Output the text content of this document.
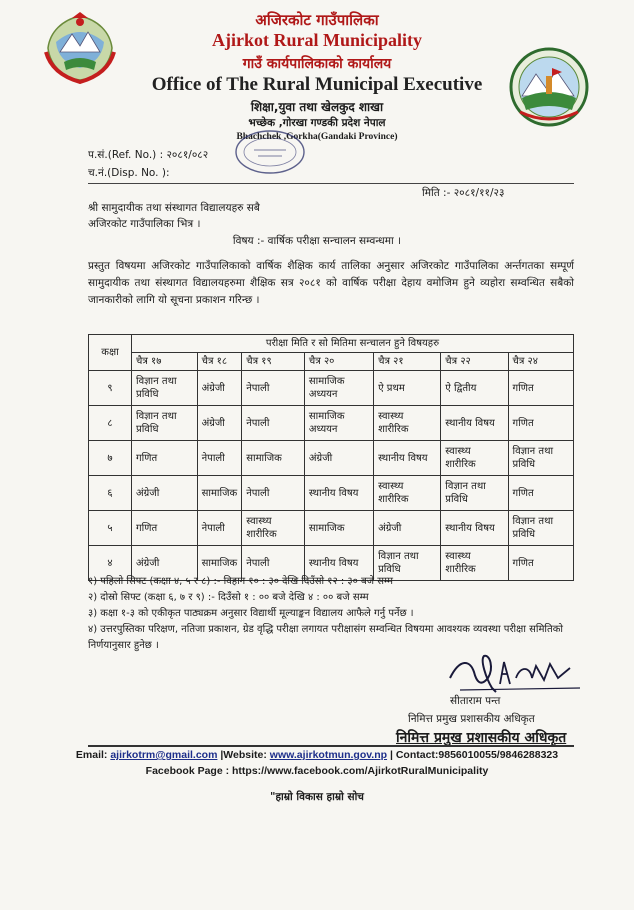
अजिरकोट गाउँपालिका
Ajirkot Rural Municipality
गाउँ कार्यपालिकाको कार्यालय
Office of The Rural Municipal Executive
शिक्षा,युवा तथा खेलकुद शाखा
भच्छेक ,गोरखा गण्डकी प्रदेश नेपाल
Bhachchek ,Gorkha(Gandaki Province)
प.सं.(Ref. No.) : २०८१/०८२
च.नं.(Disp. No. ):
मिति :- २०८१/११/२३
श्री सामुदायीक तथा संस्थागत विद्यालयहरु सबै
अजिरकोट गाउँपालिका भित्र ।
विषय :- वार्षिक परीक्षा सन्चालन सम्वन्धमा ।
प्रस्तुत विषयमा अजिरकोट गाउँपालिकाको वार्षिक शैक्षिक कार्य तालिका अनुसार अजिरकोट गाउँपालिका अर्न्तगतका सम्पूर्ण सामुदायीक तथा संस्थागत विद्यालयहरुमा शैक्षिक सत्र २०८१ को वार्षिक परीक्षा देहाय वमोजिम हुने व्यहोरा सम्वन्धित सबैको जानकारीको लागि यो सूचना प्रकाशन गरिन्छ ।
कक्षा	परीक्षा मिति र सो मितिमा सन्चालन हुने विषयहरु						
	चैत्र १७	चैत्र १८	चैत्र १९	चैत्र २०	चैत्र २१	चैत्र २२	चैत्र २४
९	विज्ञान तथा प्रविधि	अंग्रेजी	नेपाली	सामाजिक अध्ययन	ऐ प्रथम	ऐ द्वितीय	गणित
८	विज्ञान तथा प्रविधि	अंग्रेजी	नेपाली	सामाजिक अध्ययन	स्वास्थ्य शारीरिक	स्थानीय विषय	गणित
७	गणित	नेपाली	सामाजिक	अंग्रेजी	स्थानीय विषय	स्वास्थ्य शारीरिक	विज्ञान तथा प्रविधि
६	अंग्रेजी	सामाजिक	नेपाली	स्थानीय विषय	स्वास्थ्य शारीरिक	विज्ञान तथा प्रविधि	गणित
५	गणित	नेपाली	स्वास्थ्य शारीरिक	सामाजिक	अंग्रेजी	स्थानीय विषय	विज्ञान तथा प्रविधि
४	अंग्रेजी	सामाजिक	नेपाली	स्थानीय विषय	विज्ञान तथा प्रविधि	स्वास्थ्य शारीरिक	गणित
१) पहिलो सिफ्ट (कक्षा ४, ५ र ८) :- विहान १० : ३० देखि दिउँसो १२ : ३० बजे सम्म
२) दोस्रो सिफ्ट (कक्षा ६, ७ र ९) :- दिउँसो १ : ०० बजे देखि ४ : ०० बजे सम्म
३) कक्षा १-३ को एकीकृत पाठ्यक्रम अनुसार विद्यार्थी मूल्याङ्कन विद्यालय आफैले गर्नु पर्नेछ ।
४) उत्तरपुस्तिका परिक्षण, नतिजा प्रकाशन, ग्रेड वृद्धि परीक्षा लगायत परीक्षासंग सम्वन्धित विषयमा आवश्यक व्यवस्था परीक्षा समितिको निर्णयानुसार हुनेछ ।
सीताराम पन्त
निमित्त प्रमुख प्रशासकीय अधिकृत
निमित्त प्रमुख प्रशासकीय अधिकृत
Email: ajirkotrm@gmail.com |Website: www.ajirkotmun.gov.np | Contact:9856010055/9846288323
Facebook Page : https://www.facebook.com/AjirkotRuralMunicipality
"हाम्रो विकास हाम्रो सोच
